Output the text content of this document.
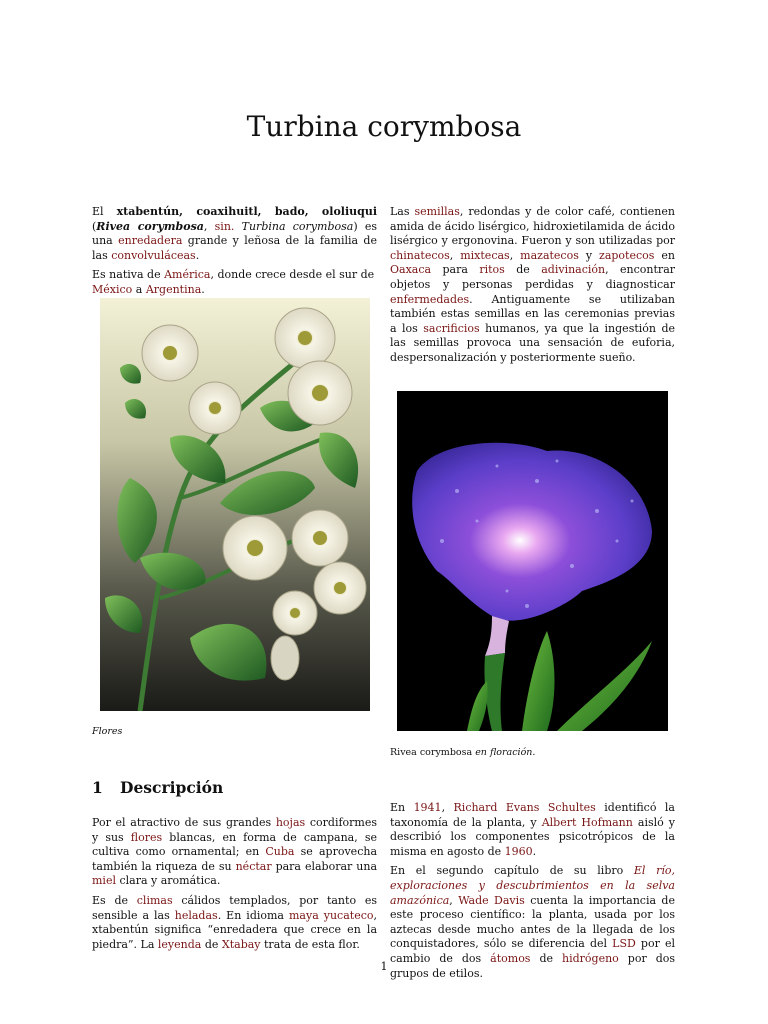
Turbina corymbosa

El xtabentún, coaxihuitl, bado, ololiuqui (Rivea corymbosa, sin. Turbina corymbosa) es una enredadera grande y leñosa de la familia de las convolvuláceas.

Es nativa de América, donde crece desde el sur de México a Argentina.

Las semillas, redondas y de color café, contienen amida de ácido lisérgico, hidroxietilamida de ácido lisérgico y ergonovina. Fueron y son utilizadas por chinatecos, mixtecas, mazatecos y zapotecos en Oaxaca para ritos de adivinación, encontrar objetos y personas perdidas y diagnosticar enfermedades. Antiguamente se utilizaban también estas semillas en las ceremonias previas a los sacrificios humanos, ya que la ingestión de las semillas provoca una sensación de euforia, despersonalización y posteriormente sueño.

Flores
Rivea corymbosa en floración.
1 Descripción

Por el atractivo de sus grandes hojas cordiformes y sus flores blancas, en forma de campana, se cultiva como ornamental; en Cuba se aprovecha también la riqueza de su néctar para elaborar una miel clara y aromática.

Es de climas cálidos templados, por tanto es sensible a las heladas. En idioma maya yucateco, xtabentún significa “enredadera que crece en la piedra”. La leyenda de Xtabay trata de esta flor.

En 1941, Richard Evans Schultes identificó la taxonomía de la planta, y Albert Hofmann aisló y describió los componentes psicotrópicos de la misma en agosto de 1960.

En el segundo capítulo de su libro El río, exploraciones y descubrimientos en la selva amazónica, Wade Davis cuenta la importancia de este proceso científico: la planta, usada por los aztecas desde mucho antes de la llegada de los conquistadores, sólo se diferencia del LSD por el cambio de dos átomos de hidrógeno por dos grupos de etilos.

1
